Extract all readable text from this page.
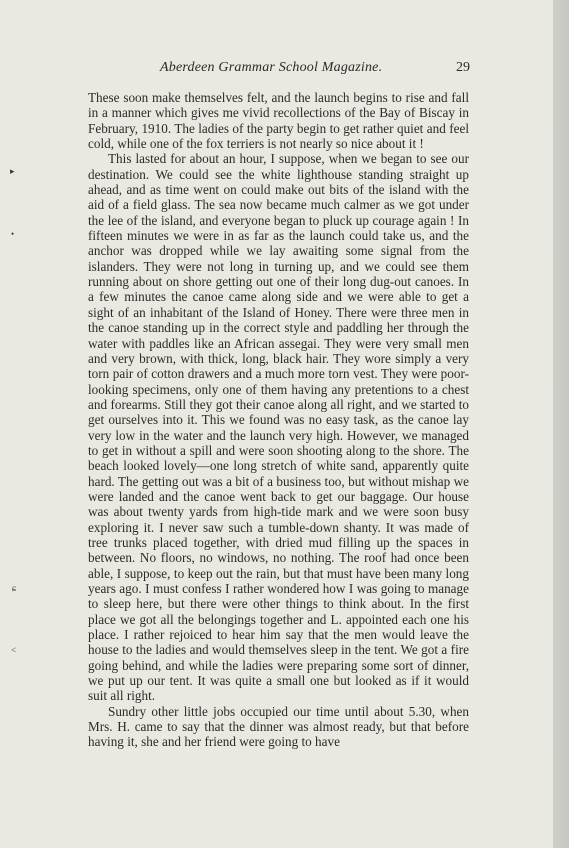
Aberdeen Grammar School Magazine.	29

These soon make themselves felt, and the launch begins to rise and fall in a manner which gives me vivid recollections of the Bay of Biscay in February, 1910. The ladies of the party begin to get rather quiet and feel cold, while one of the fox terriers is not nearly so nice about it !

This lasted for about an hour, I suppose, when we began to see our destination. We could see the white lighthouse standing straight up ahead, and as time went on could make out bits of the island with the aid of a field glass. The sea now became much calmer as we got under the lee of the island, and everyone began to pluck up courage again ! In fifteen minutes we were in as far as the launch could take us, and the anchor was dropped while we lay awaiting some signal from the islanders. They were not long in turning up, and we could see them running about on shore getting out one of their long dug-out canoes. In a few minutes the canoe came along side and we were able to get a sight of an inhabitant of the Island of Honey. There were three men in the canoe standing up in the correct style and paddling her through the water with paddles like an African assegai. They were very small men and very brown, with thick, long, black hair. They wore simply a very torn pair of cotton drawers and a much more torn vest. They were poor-looking specimens, only one of them having any pretentions to a chest and forearms. Still they got their canoe along all right, and we started to get ourselves into it. This we found was no easy task, as the canoe lay very low in the water and the launch very high. However, we managed to get in without a spill and were soon shooting along to the shore. The beach looked lovely—one long stretch of white sand, apparently quite hard. The getting out was a bit of a business too, but without mishap we were landed and the canoe went back to get our baggage. Our house was about twenty yards from high-tide mark and we were soon busy exploring it. I never saw such a tumble-down shanty. It was made of tree trunks placed together, with dried mud filling up the spaces in between. No floors, no windows, no nothing. The roof had once been able, I suppose, to keep out the rain, but that must have been many long years ago. I must confess I rather wondered how I was going to manage to sleep here, but there were other things to think about. In the first place we got all the belongings together and L. appointed each one his place. I rather rejoiced to hear him say that the men would leave the house to the ladies and would themselves sleep in the tent. We got a fire going behind, and while the ladies were preparing some sort of dinner, we put up our tent. It was quite a small one but looked as if it would suit all right.

Sundry other little jobs occupied our time until about 5.30, when Mrs. H. came to say that the dinner was almost ready, but that before having it, she and her friend were going to have

▸
•
ɕ
˂
